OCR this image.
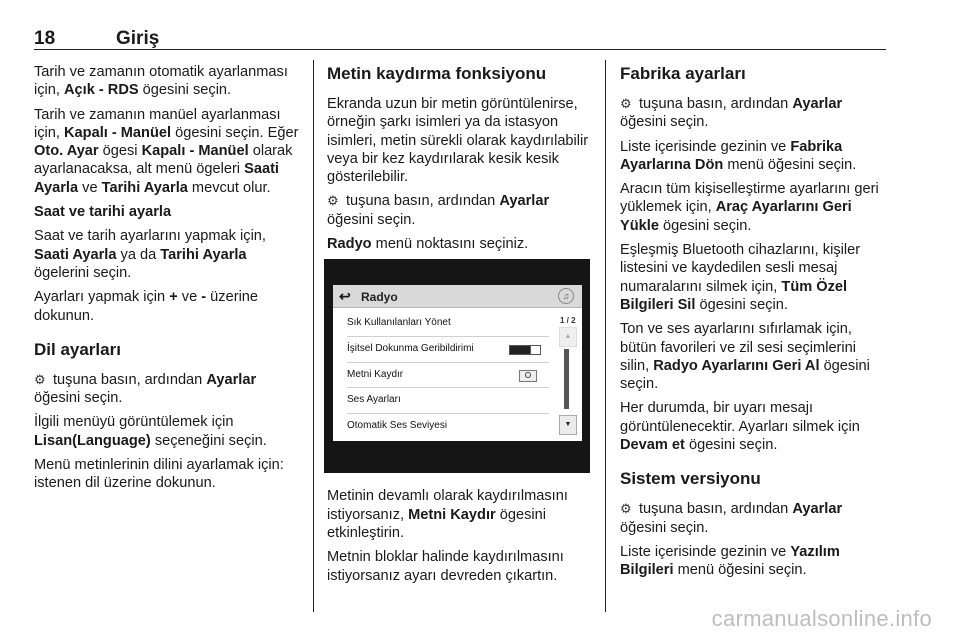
18	Giriş

Tarih ve zamanın otomatik ayarlanması için, Açık - RDS ögesini seçin.

Tarih ve zamanın manüel ayarlanması için, Kapalı - Manüel ögesini seçin. Eğer Oto. Ayar ögesi Kapalı - Manüel olarak ayarlanacaksa, alt menü ögeleri Saati Ayarla ve Tarihi Ayarla mevcut olur.

Saat ve tarihi ayarla

Saat ve tarih ayarlarını yapmak için, Saati Ayarla ya da Tarihi Ayarla ögelerini seçin.

Ayarları yapmak için + ve - üzerine dokunun.

Dil ayarları

⚙ tuşuna basın, ardından Ayarlar öğesini seçin.

İlgili menüyü görüntülemek için Lisan(Language) seçeneğini seçin.

Menü metinlerinin dilini ayarlamak için: istenen dil üzerine dokunun.

Metin kaydırma fonksiyonu

Ekranda uzun bir metin görüntülenirse, örneğin şarkı isimleri ya da istasyon isimleri, metin sürekli olarak kaydırılabilir veya bir kez kaydırılarak kesik kesik gösterilebilir.

⚙ tuşuna basın, ardından Ayarlar öğesini seçin.

Radyo menü noktasını seçiniz.

↩ Radyo	♫
Sık Kullanılanları Yönet
İşitsel Dokunma Geribildirimi
Metni Kaydır	O
Ses Ayarları
Otomatik Ses Seviyesi
1 / 2
▲
▼

Metinin devamlı olarak kaydırılmasını istiyorsanız, Metni Kaydır ögesini etkinleştirin.

Metnin bloklar halinde kaydırılmasını istiyorsanız ayarı devreden çıkartın.

Fabrika ayarları

⚙ tuşuna basın, ardından Ayarlar öğesini seçin.

Liste içerisinde gezinin ve Fabrika Ayarlarına Dön menü öğesini seçin.

Aracın tüm kişiselleştirme ayarlarını geri yüklemek için, Araç Ayarlarını Geri Yükle ögesini seçin.

Eşleşmiş Bluetooth cihazlarını, kişiler listesini ve kaydedilen sesli mesaj numaralarını silmek için, Tüm Özel Bilgileri Sil ögesini seçin.

Ton ve ses ayarlarını sıfırlamak için, bütün favorileri ve zil sesi seçimlerini silin, Radyo Ayarlarını Geri Al ögesini seçin.

Her durumda, bir uyarı mesajı görüntülenecektir. Ayarları silmek için Devam et ögesini seçin.

Sistem versiyonu

⚙ tuşuna basın, ardından Ayarlar öğesini seçin.

Liste içerisinde gezinin ve Yazılım Bilgileri menü öğesini seçin.

carmanualsonline.info
